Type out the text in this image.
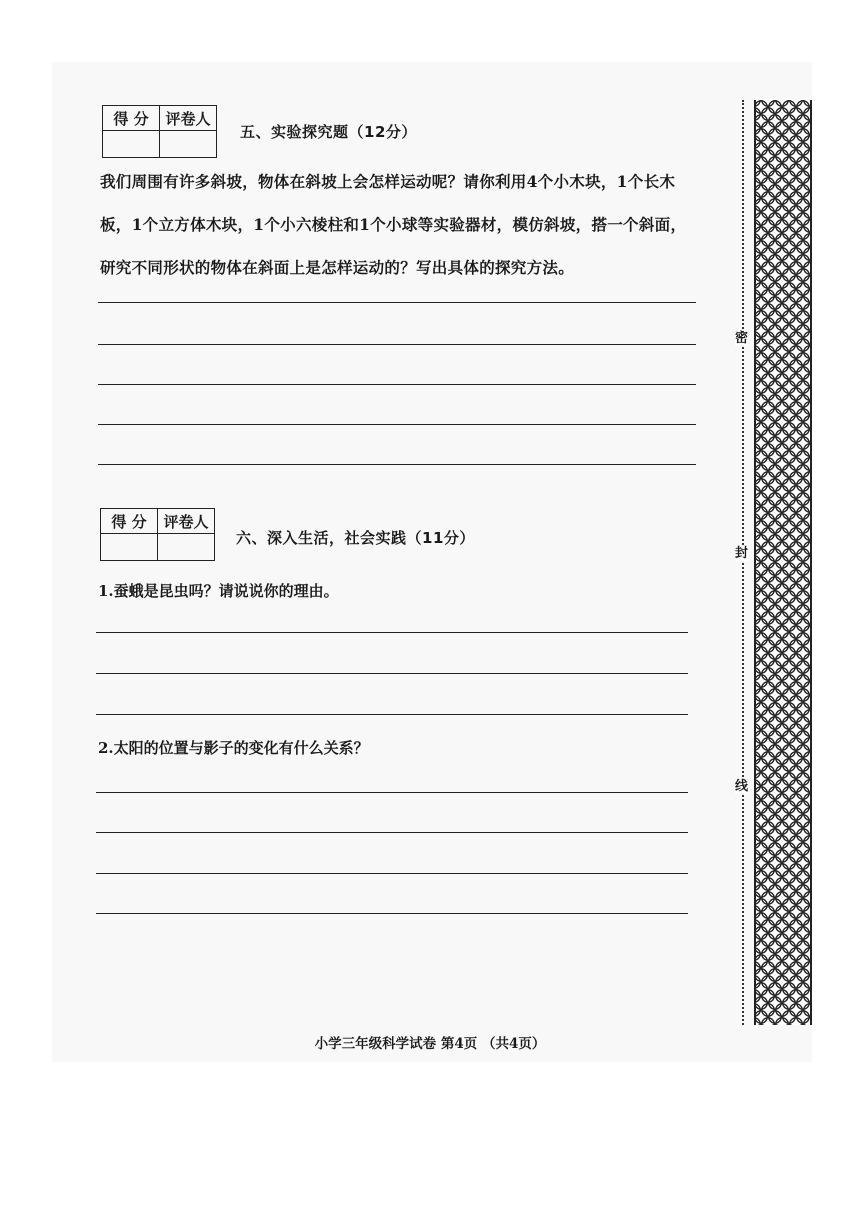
得 分	评卷人

五、实验探究题（12分）
我们周围有许多斜坡，物体在斜坡上会怎样运动呢？请你利用4个小木块，1个长木板，1个立方体木块，1个小六棱柱和1个小球等实验器材，模仿斜坡，搭一个斜面，研究不同形状的物体在斜面上是怎样运动的？写出具体的探究方法。
得 分	评卷人

六、深入生活，社会实践（11分）
1.蚕蛾是昆虫吗？请说说你的理由。
2.太阳的位置与影子的变化有什么关系？
密
封
线
小学三年级科学试卷 第4页 （共4页）
